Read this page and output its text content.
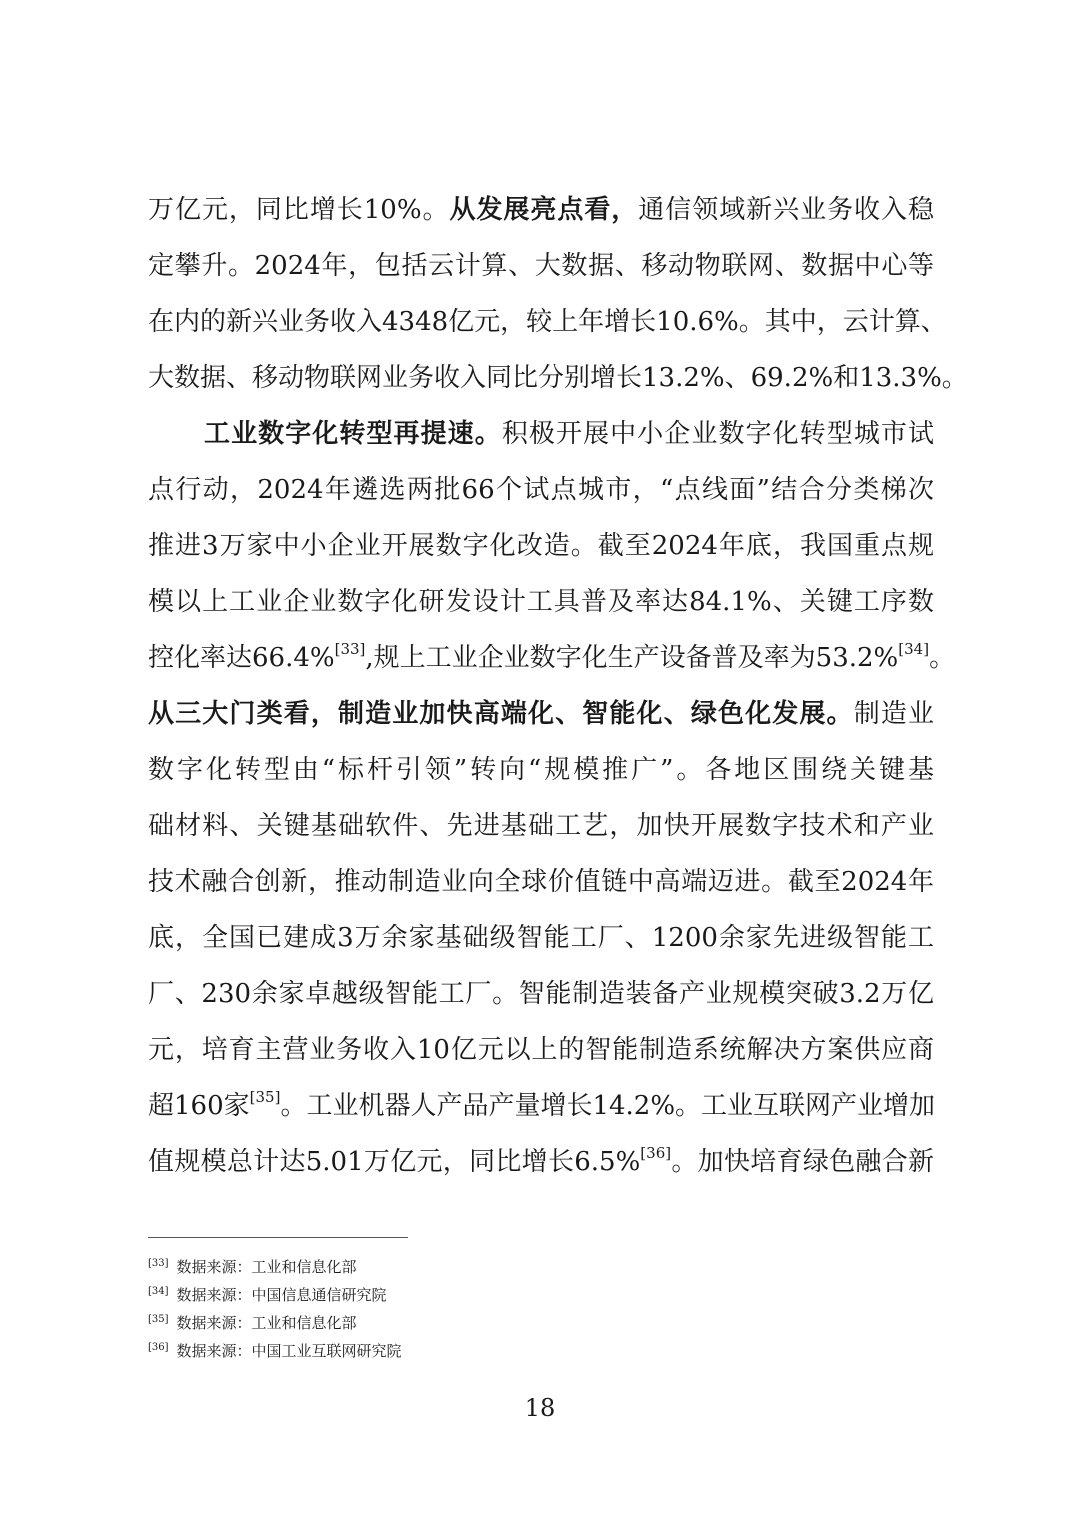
万亿元，同比增长10%。从发展亮点看，通信领域新兴业务收入稳
定攀升。2024年，包括云计算、大数据、移动物联网、数据中心等
在内的新兴业务收入4348亿元，较上年增长10.6%。其中，云计算、
大数据、移动物联网业务收入同比分别增长13.2%、69.2%和13.3%。
工业数字化转型再提速。积极开展中小企业数字化转型城市试
点行动，2024年遴选两批66个试点城市，“点线面”结合分类梯次
推进3万家中小企业开展数字化改造。截至2024年底，我国重点规
模以上工业企业数字化研发设计工具普及率达84.1%、关键工序数
控化率达66.4%[33],规上工业企业数字化生产设备普及率为53.2%[34]。
从三大门类看，制造业加快高端化、智能化、绿色化发展。制造业
数字化转型由“标杆引领”转向“规模推广”。各地区围绕关键基
础材料、关键基础软件、先进基础工艺，加快开展数字技术和产业
技术融合创新，推动制造业向全球价值链中高端迈进。截至2024年
底，全国已建成3万余家基础级智能工厂、1200余家先进级智能工
厂、230余家卓越级智能工厂。智能制造装备产业规模突破3.2万亿
元，培育主营业务收入10亿元以上的智能制造系统解决方案供应商
超160家[35]。工业机器人产品产量增长14.2%。工业互联网产业增加
值规模总计达5.01万亿元，同比增长6.5%[36]。加快培育绿色融合新
[33] 数据来源：工业和信息化部
[34] 数据来源：中国信息通信研究院
[35] 数据来源：工业和信息化部
[36] 数据来源：中国工业互联网研究院
18
